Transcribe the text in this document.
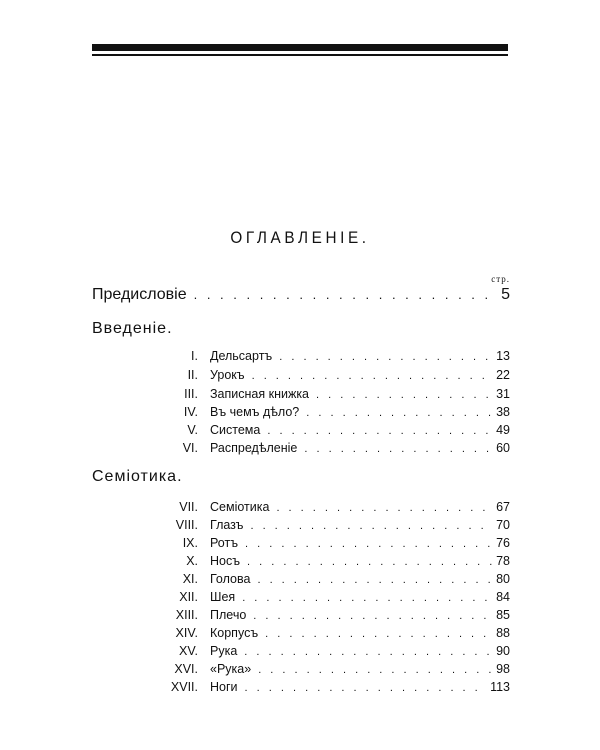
ОГЛАВЛЕНІЕ.
стр.
Предисловіе . . .	5
Введеніе.
I. Дельсартъ . . .	13
II. Урокъ . . .	22
III. Записная книжка . . .	31
IV. Въ чемъ дѣло? . . .	38
V. Система . . .	49
VI. Распредѣленіе . . .	60
Семіотика.
VII. Семіотика . . .	67
VIII. Глазъ . . .	70
IX. Ротъ . . .	76
X. Носъ . . .	78
XI. Голова . . .	80
XII. Шея . . .	84
XIII. Плечо . . .	85
XIV. Корпусъ . . .	88
XV. Рука . . .	90
XVI. «Рука» . . .	98
XVII. Ноги . . .	113
